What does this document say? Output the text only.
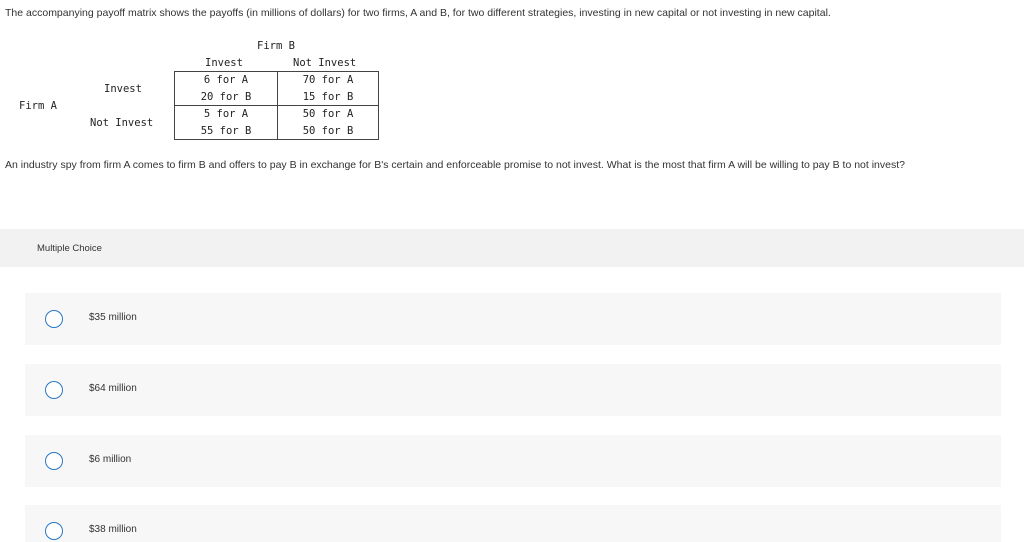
The accompanying payoff matrix shows the payoffs (in millions of dollars) for two firms, A and B, for two different strategies, investing in new capital or not investing in new capital.
Firm B
Invest	Not Invest
Firm A
Invest
Not Invest
6 for A
20 for B
70 for A
15 for B
5 for A
55 for B
50 for A
50 for B
An industry spy from firm A comes to firm B and offers to pay B in exchange for B's certain and enforceable promise to not invest. What is the most that firm A will be willing to pay B to not invest?
Multiple Choice
$35 million
$64 million
$6 million
$38 million
